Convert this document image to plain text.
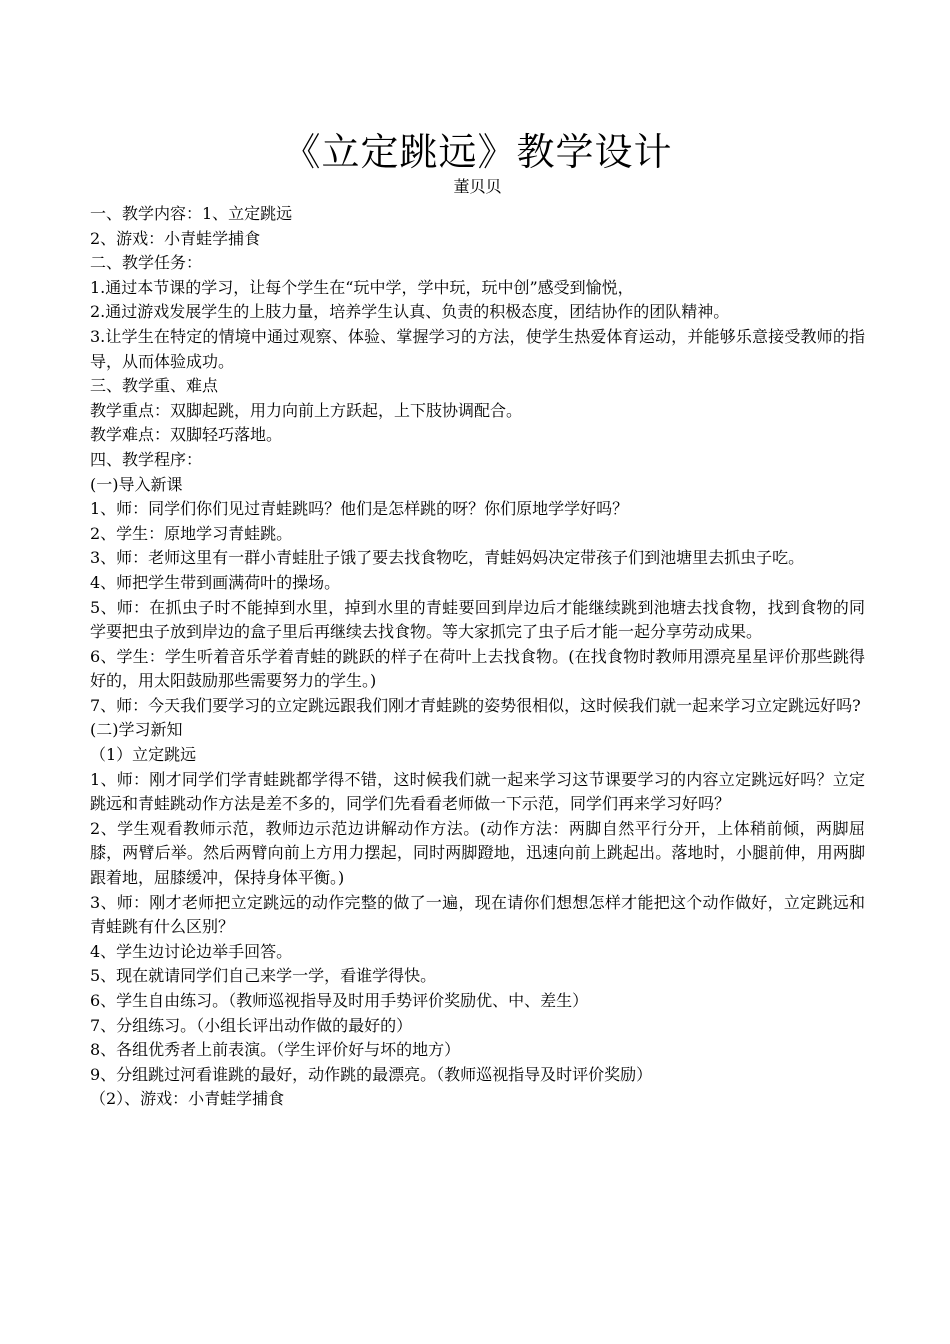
《立定跳远》教学设计

董贝贝

一、教学内容：1、立定跳远

2、游戏：小青蛙学捕食

二、教学任务：

1.通过本节课的学习，让每个学生在“玩中学，学中玩，玩中创”感受到愉悦，

2.通过游戏发展学生的上肢力量，培养学生认真、负责的积极态度，团结协作的团队精神。

3.让学生在特定的情境中通过观察、体验、掌握学习的方法，使学生热爱体育运动，并能够乐意接受教师的指导，从而体验成功。

三、教学重、难点

教学重点：双脚起跳，用力向前上方跃起，上下肢协调配合。

教学难点：双脚轻巧落地。

四、教学程序：

(一)导入新课

1、师：同学们你们见过青蛙跳吗？他们是怎样跳的呀？你们原地学学好吗？

2、学生：原地学习青蛙跳。

3、师：老师这里有一群小青蛙肚子饿了要去找食物吃，青蛙妈妈决定带孩子们到池塘里去抓虫子吃。

4、师把学生带到画满荷叶的操场。

5、师：在抓虫子时不能掉到水里，掉到水里的青蛙要回到岸边后才能继续跳到池塘去找食物，找到食物的同学要把虫子放到岸边的盒子里后再继续去找食物。等大家抓完了虫子后才能一起分享劳动成果。

6、学生：学生听着音乐学着青蛙的跳跃的样子在荷叶上去找食物。(在找食物时教师用漂亮星星评价那些跳得好的，用太阳鼓励那些需要努力的学生。)

7、师：今天我们要学习的立定跳远跟我们刚才青蛙跳的姿势很相似，这时候我们就一起来学习立定跳远好吗?

(二)学习新知

（1）立定跳远

1、师：刚才同学们学青蛙跳都学得不错，这时候我们就一起来学习这节课要学习的内容立定跳远好吗？立定跳远和青蛙跳动作方法是差不多的，同学们先看看老师做一下示范，同学们再来学习好吗？

2、学生观看教师示范，教师边示范边讲解动作方法。(动作方法：两脚自然平行分开，上体稍前倾，两脚屈膝，两臂后举。然后两臂向前上方用力摆起，同时两脚蹬地，迅速向前上跳起出。落地时，小腿前伸，用两脚跟着地，屈膝缓冲，保持身体平衡。)

3、师：刚才老师把立定跳远的动作完整的做了一遍，现在请你们想想怎样才能把这个动作做好，立定跳远和青蛙跳有什么区别？

4、学生边讨论边举手回答。

5、现在就请同学们自己来学一学，看谁学得快。

6、学生自由练习。（教师巡视指导及时用手势评价奖励优、中、差生）

7、分组练习。（小组长评出动作做的最好的）

8、各组优秀者上前表演。（学生评价好与坏的地方）

9、分组跳过河看谁跳的最好，动作跳的最漂亮。（教师巡视指导及时评价奖励）

（2）、游戏：小青蛙学捕食
